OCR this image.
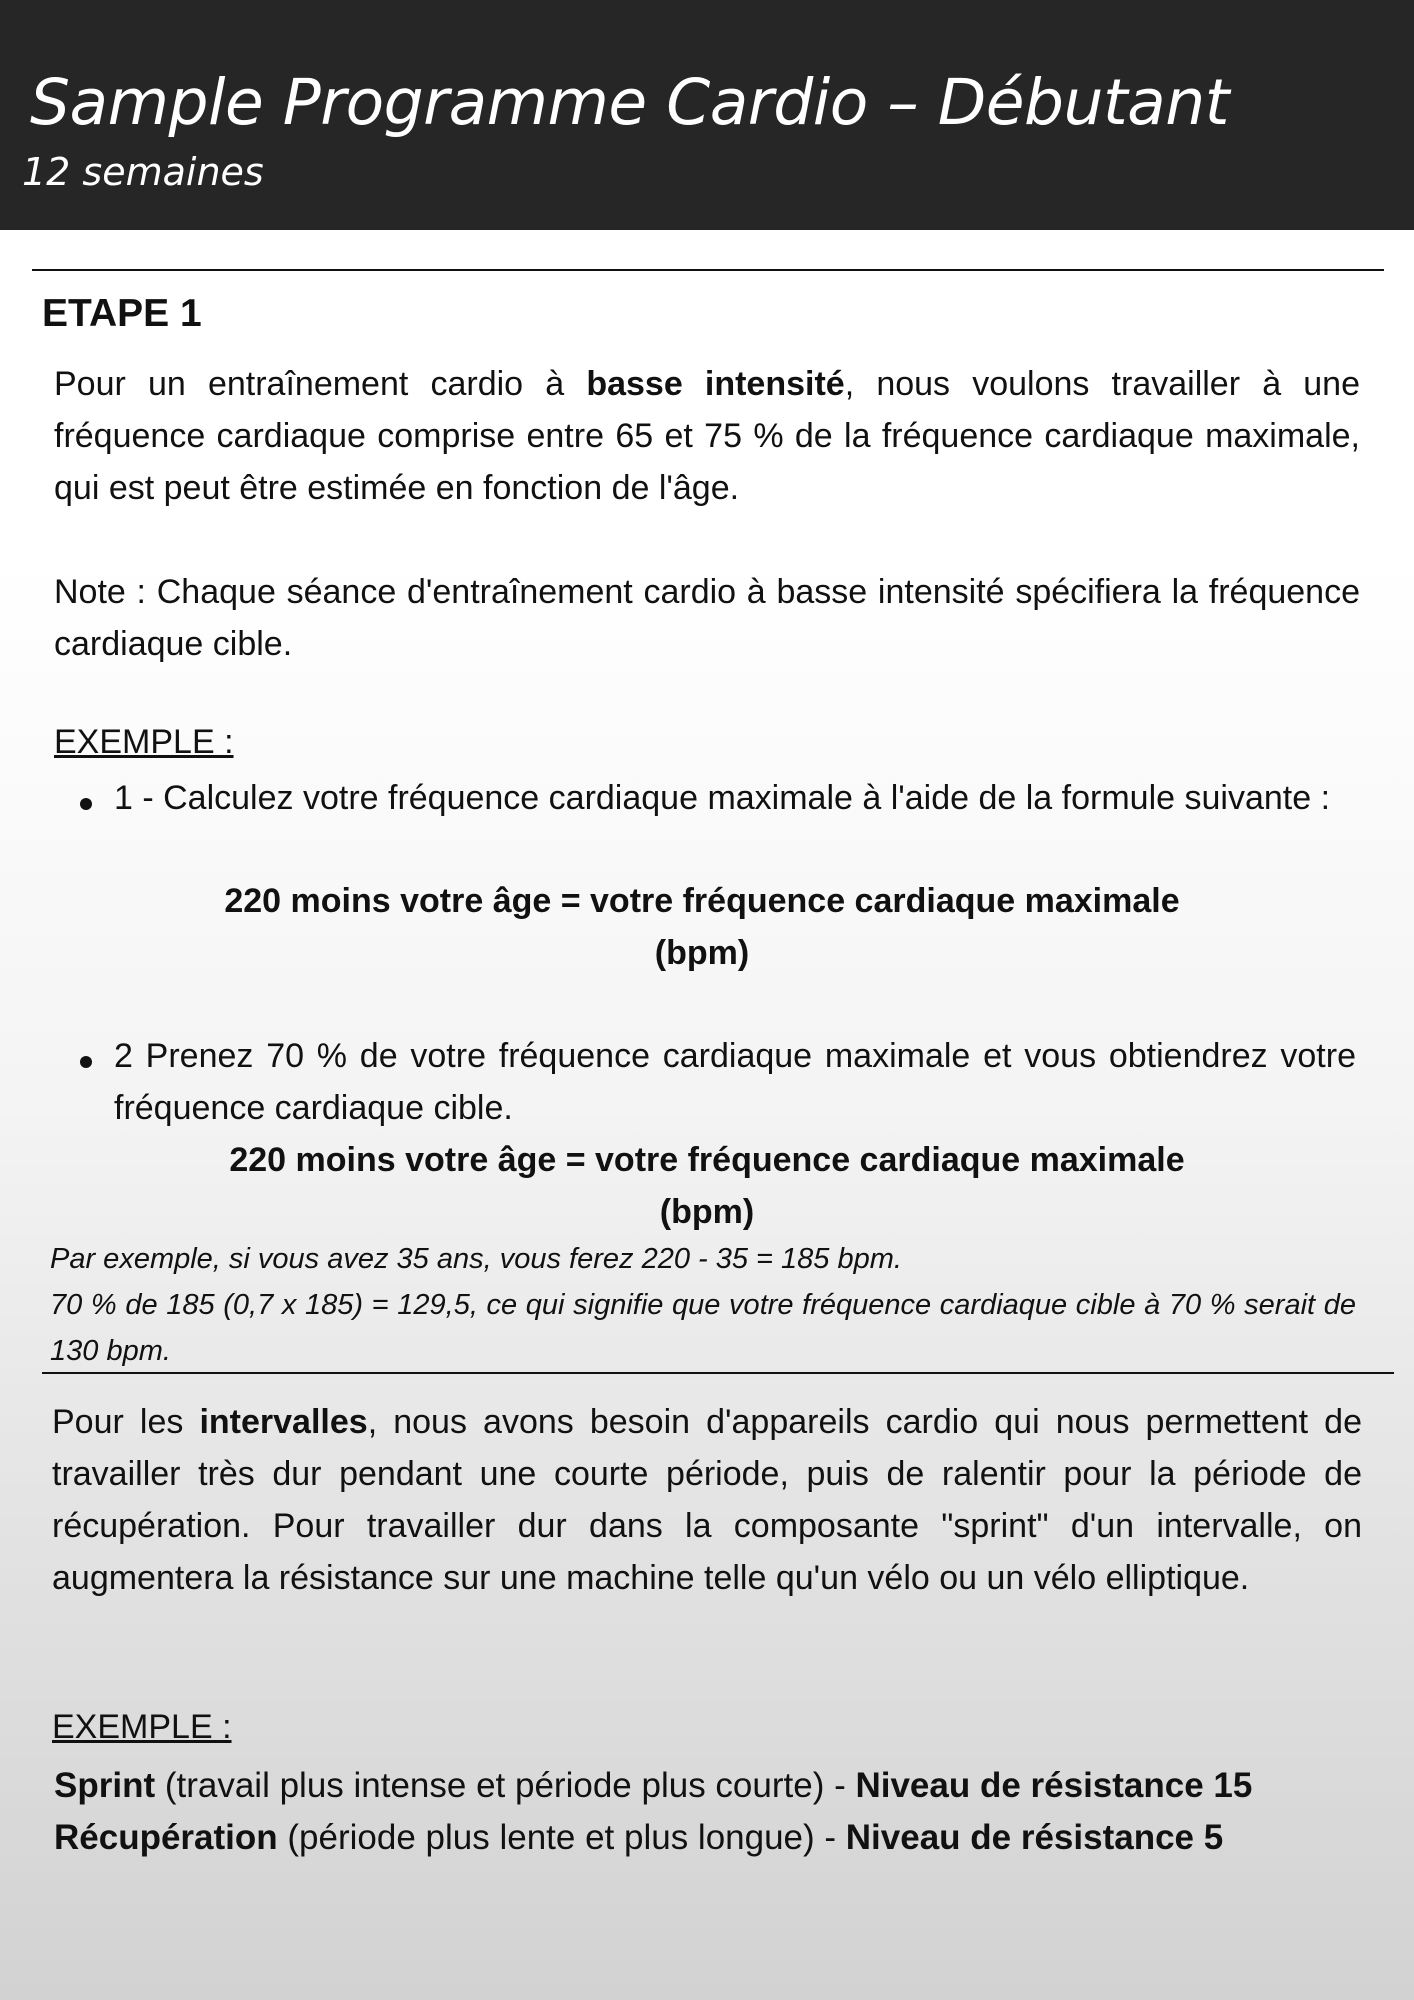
Sample Programme Cardio – Débutant
12 semaines
ETAPE 1
Pour un entraînement cardio à basse intensité, nous voulons travailler à une fréquence cardiaque comprise entre 65 et 75 % de la fréquence cardiaque maximale, qui est peut être estimée en fonction de l'âge.
Note : Chaque séance d'entraînement cardio à basse intensité spécifiera la fréquence cardiaque cible.
EXEMPLE :
1 - Calculez votre fréquence cardiaque maximale à l'aide de la formule suivante :
220 moins votre âge = votre fréquence cardiaque maximale (bpm)
2 Prenez 70 % de votre fréquence cardiaque maximale et vous obtiendrez votre fréquence cardiaque cible.
220 moins votre âge = votre fréquence cardiaque maximale (bpm)
Par exemple, si vous avez 35 ans, vous ferez 220 - 35 = 185 bpm.
70 % de 185 (0,7 x 185) = 129,5, ce qui signifie que votre fréquence cardiaque cible à 70 % serait de 130 bpm.
Pour les intervalles, nous avons besoin d'appareils cardio qui nous permettent de travailler très dur pendant une courte période, puis de ralentir pour la période de récupération. Pour travailler dur dans la composante "sprint" d'un intervalle, on augmentera la résistance sur une machine telle qu'un vélo ou un vélo elliptique.
EXEMPLE :
Sprint (travail plus intense et période plus courte) - Niveau de résistance 15
Récupération (période plus lente et plus longue) - Niveau de résistance 5
